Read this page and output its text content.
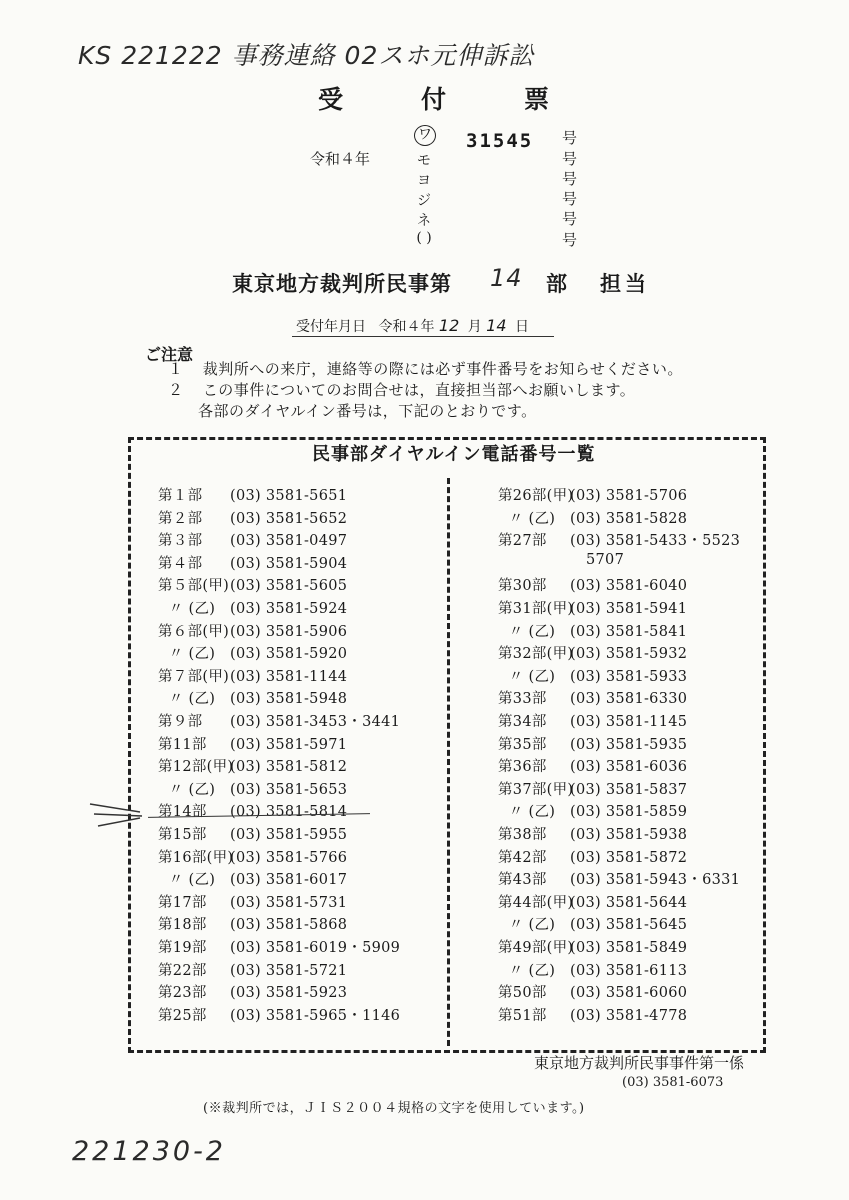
KS 221222 事務連絡 02スホ元伸訴訟
受付票
令和４年
31545
ワ
モ
ヨ
ジ
ネ
( )
号
号
号
号
号
号
東京地方裁判所民事第 14 部 担当
受付年月日 令和４年 12 月 14 日
ご注意
１ 裁判所への来庁，連絡等の際には必ず事件番号をお知らせください。
２ この事件についてのお問合せは，直接担当部へお願いします。
各部のダイヤルイン番号は，下記のとおりです。
民事部ダイヤルイン電話番号一覧
第１部 (03) 3581-5651
第２部 (03) 3581-5652
第３部 (03) 3581-0497
第４部 (03) 3581-5904
第５部(甲)(03) 3581-5605
〃 (乙) (03) 3581-5924
第６部(甲)(03) 3581-5906
〃 (乙) (03) 3581-5920
第７部(甲)(03) 3581-1144
〃 (乙) (03) 3581-5948
第９部 (03) 3581-3453・3441
第11部 (03) 3581-5971
第12部(甲)(03) 3581-5812
〃 (乙) (03) 3581-5653
第14部 (03) 3581-5814
第15部 (03) 3581-5955
第16部(甲)(03) 3581-5766
〃 (乙) (03) 3581-6017
第17部 (03) 3581-5731
第18部 (03) 3581-5868
第19部 (03) 3581-6019・5909
第22部 (03) 3581-5721
第23部 (03) 3581-5923
第25部 (03) 3581-5965・1146
第26部(甲)(03) 3581-5706
〃 (乙) (03) 3581-5828
第27部 (03) 3581-5433・5523
5707
第30部 (03) 3581-6040
第31部(甲)(03) 3581-5941
〃 (乙) (03) 3581-5841
第32部(甲)(03) 3581-5932
〃 (乙) (03) 3581-5933
第33部 (03) 3581-6330
第34部 (03) 3581-1145
第35部 (03) 3581-5935
第36部 (03) 3581-6036
第37部(甲)(03) 3581-5837
〃 (乙) (03) 3581-5859
第38部 (03) 3581-5938
第42部 (03) 3581-5872
第43部 (03) 3581-5943・6331
第44部(甲)(03) 3581-5644
〃 (乙) (03) 3581-5645
第49部(甲)(03) 3581-5849
〃 (乙) (03) 3581-6113
第50部 (03) 3581-6060
第51部 (03) 3581-4778
東京地方裁判所民事事件第一係
(03) 3581-6073
(※裁判所では，ＪＩＳ２００４規格の文字を使用しています。)
221230-2
